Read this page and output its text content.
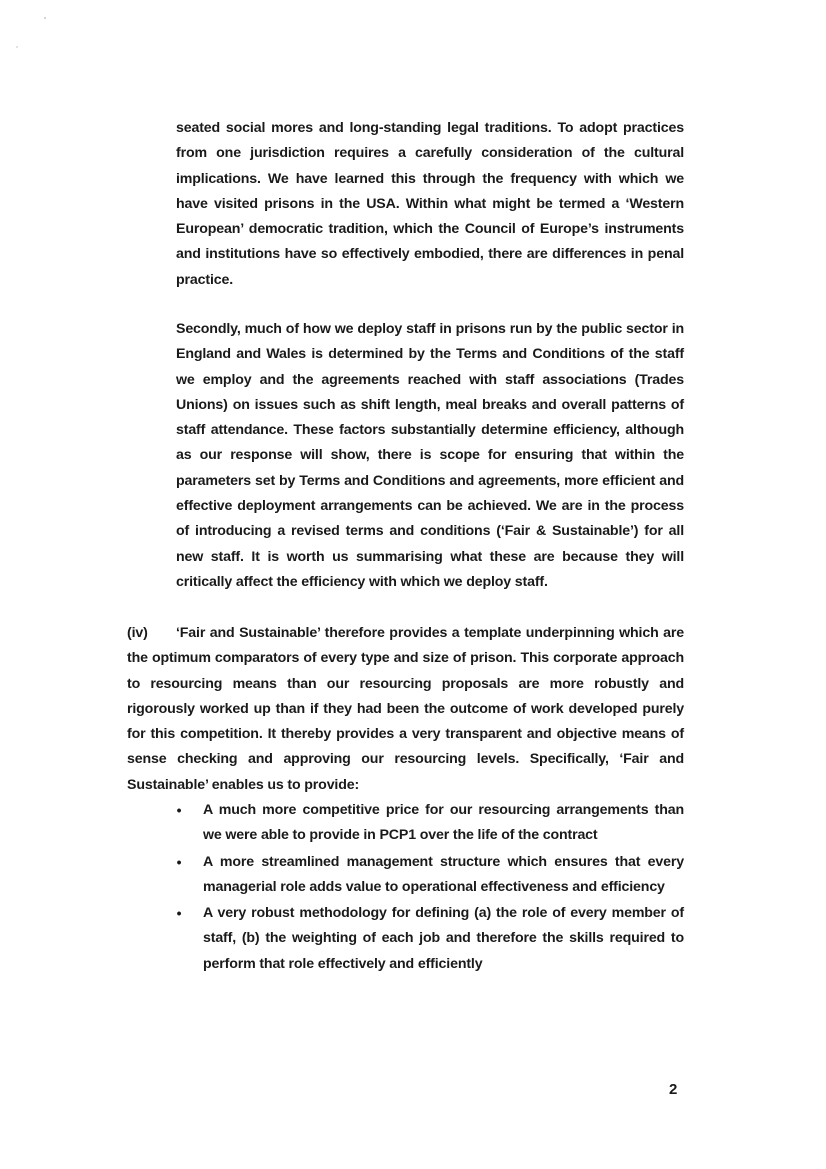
seated social mores and long-standing legal traditions. To adopt practices from one jurisdiction requires a carefully consideration of the cultural implications. We have learned this through the frequency with which we have visited prisons in the USA. Within what might be termed a ‘Western European’ democratic tradition, which the Council of Europe’s instruments and institutions have so effectively embodied, there are differences in penal practice.

Secondly, much of how we deploy staff in prisons run by the public sector in England and Wales is determined by the Terms and Conditions of the staff we employ and the agreements reached with staff associations (Trades Unions) on issues such as shift length, meal breaks and overall patterns of staff attendance. These factors substantially determine efficiency, although as our response will show, there is scope for ensuring that within the parameters set by Terms and Conditions and agreements, more efficient and effective deployment arrangements can be achieved. We are in the process of introducing a revised terms and conditions (‘Fair & Sustainable’) for all new staff. It is worth us summarising what these are because they will critically affect the efficiency with which we deploy staff.

(iv) ‘Fair and Sustainable’ therefore provides a template underpinning which are the optimum comparators of every type and size of prison. This corporate approach to resourcing means than our resourcing proposals are more robustly and rigorously worked up than if they had been the outcome of work developed purely for this competition. It thereby provides a very transparent and objective means of sense checking and approving our resourcing levels. Specifically, ‘Fair and Sustainable’ enables us to provide:

• A much more competitive price for our resourcing arrangements than we were able to provide in PCP1 over the life of the contract
• A more streamlined management structure which ensures that every managerial role adds value to operational effectiveness and efficiency
• A very robust methodology for defining (a) the role of every member of staff, (b) the weighting of each job and therefore the skills required to perform that role effectively and efficiently
2
